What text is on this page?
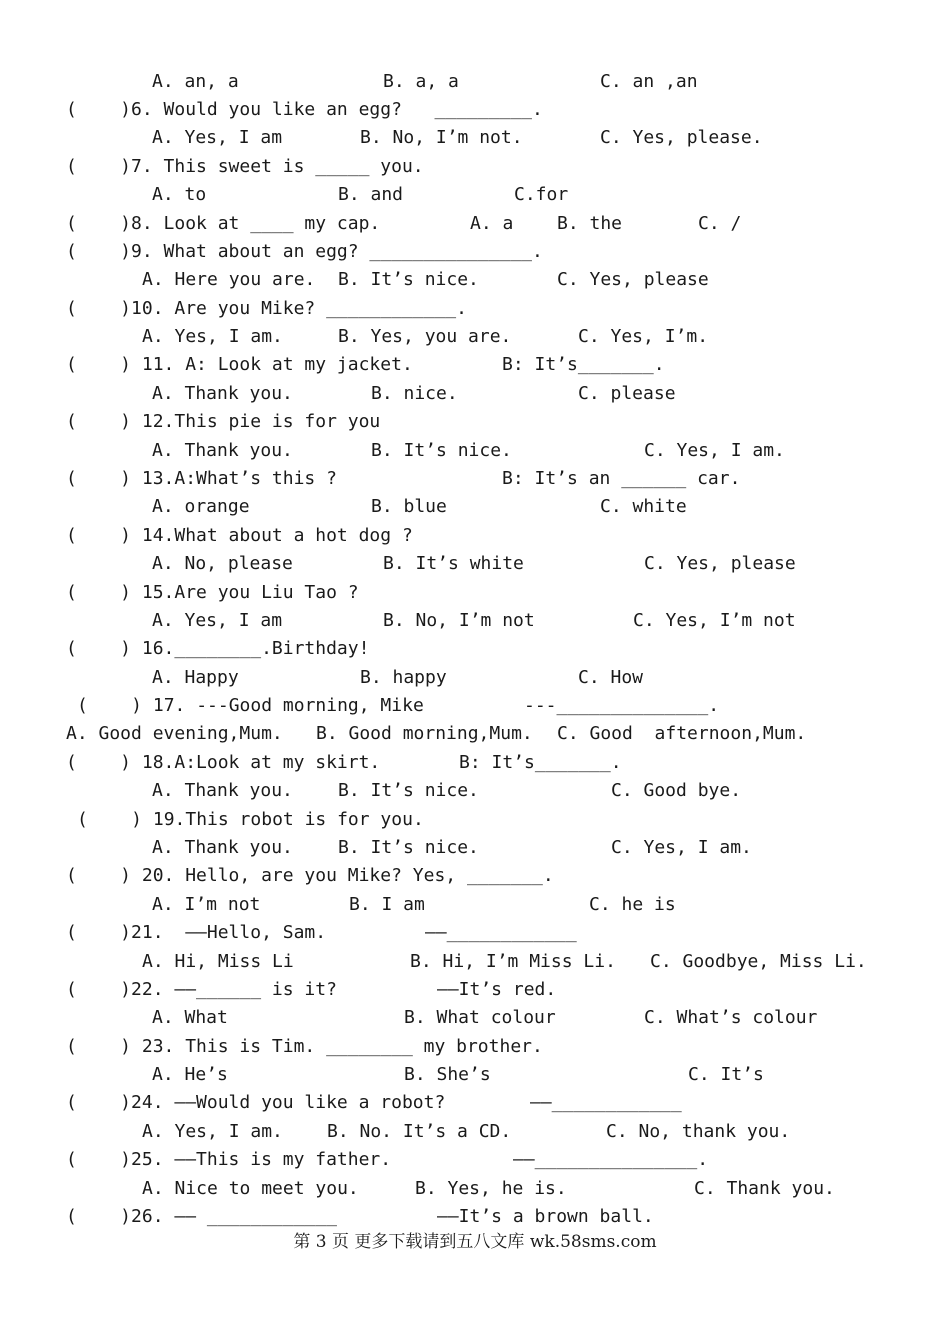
A. an, a	B. a, a	C. an ,an
(    )6. Would you like an egg?   _________.
A. Yes, I am	B. No, I’m not.	C. Yes, please.
(    )7. This sweet is _____ you.
A. to	B. and	C.for
(    )8. Look at ____ my cap.	A. a B. the	C. /
(    )9. What about an egg? _______________.
A. Here you are. B. It’s nice.	C. Yes, please
(    )10. Are you Mike? ____________.
A. Yes, I am.	B. Yes, you are.	C. Yes, I’m.
(    ) 11. A: Look at my jacket.	B: It’s_______.
A. Thank you.	B. nice.	C. please
(    ) 12.This pie is for you
A. Thank you.	B. It’s nice.	C. Yes, I am.
(    ) 13.A:What’s this ?	B: It’s an ______ car.
A. orange	B. blue	C. white
(    ) 14.What about a hot dog ?
A. No, please	B. It’s white	C. Yes, please
(    ) 15.Are you Liu Tao ?
A. Yes, I am	B. No, I’m not	C. Yes, I’m not
(    ) 16.________.Birthday!
A. Happy	B. happy	C. How
(    ) 17. ---Good morning, Mike	---______________.
A. Good evening,Mum. B. Good morning,Mum. C. Good  afternoon,Mum.
(    ) 18.A:Look at my skirt.	B: It’s_______.
A. Thank you.	B. It’s nice.	C. Good bye.
(    ) 19.This robot is for you.
A. Thank you.	B. It’s nice.	C. Yes, I am.
(    ) 20. Hello, are you Mike? Yes, _______.
A. I’m not	B. I am	C. he is
(    )21.  ——Hello, Sam.	——____________
A. Hi, Miss Li	B. Hi, I’m Miss Li. C. Goodbye, Miss Li.
(    )22. ——______ is it?	——It’s red.
A. What	B. What colour	C. What’s colour
(    ) 23. This is Tim. ________ my brother.
A. He’s	B. She’s	C. It’s
(    )24. ——Would you like a robot?	——____________
A. Yes, I am. B. No. It’s a CD.	C. No, thank you.
(    )25. ——This is my father.	——_______________.
A. Nice to meet you.	B. Yes, he is.	C. Thank you.
(    )26. —— ____________	——It’s a brown ball.
第 3 页 更多下载请到五八文库 wk.58sms.com
